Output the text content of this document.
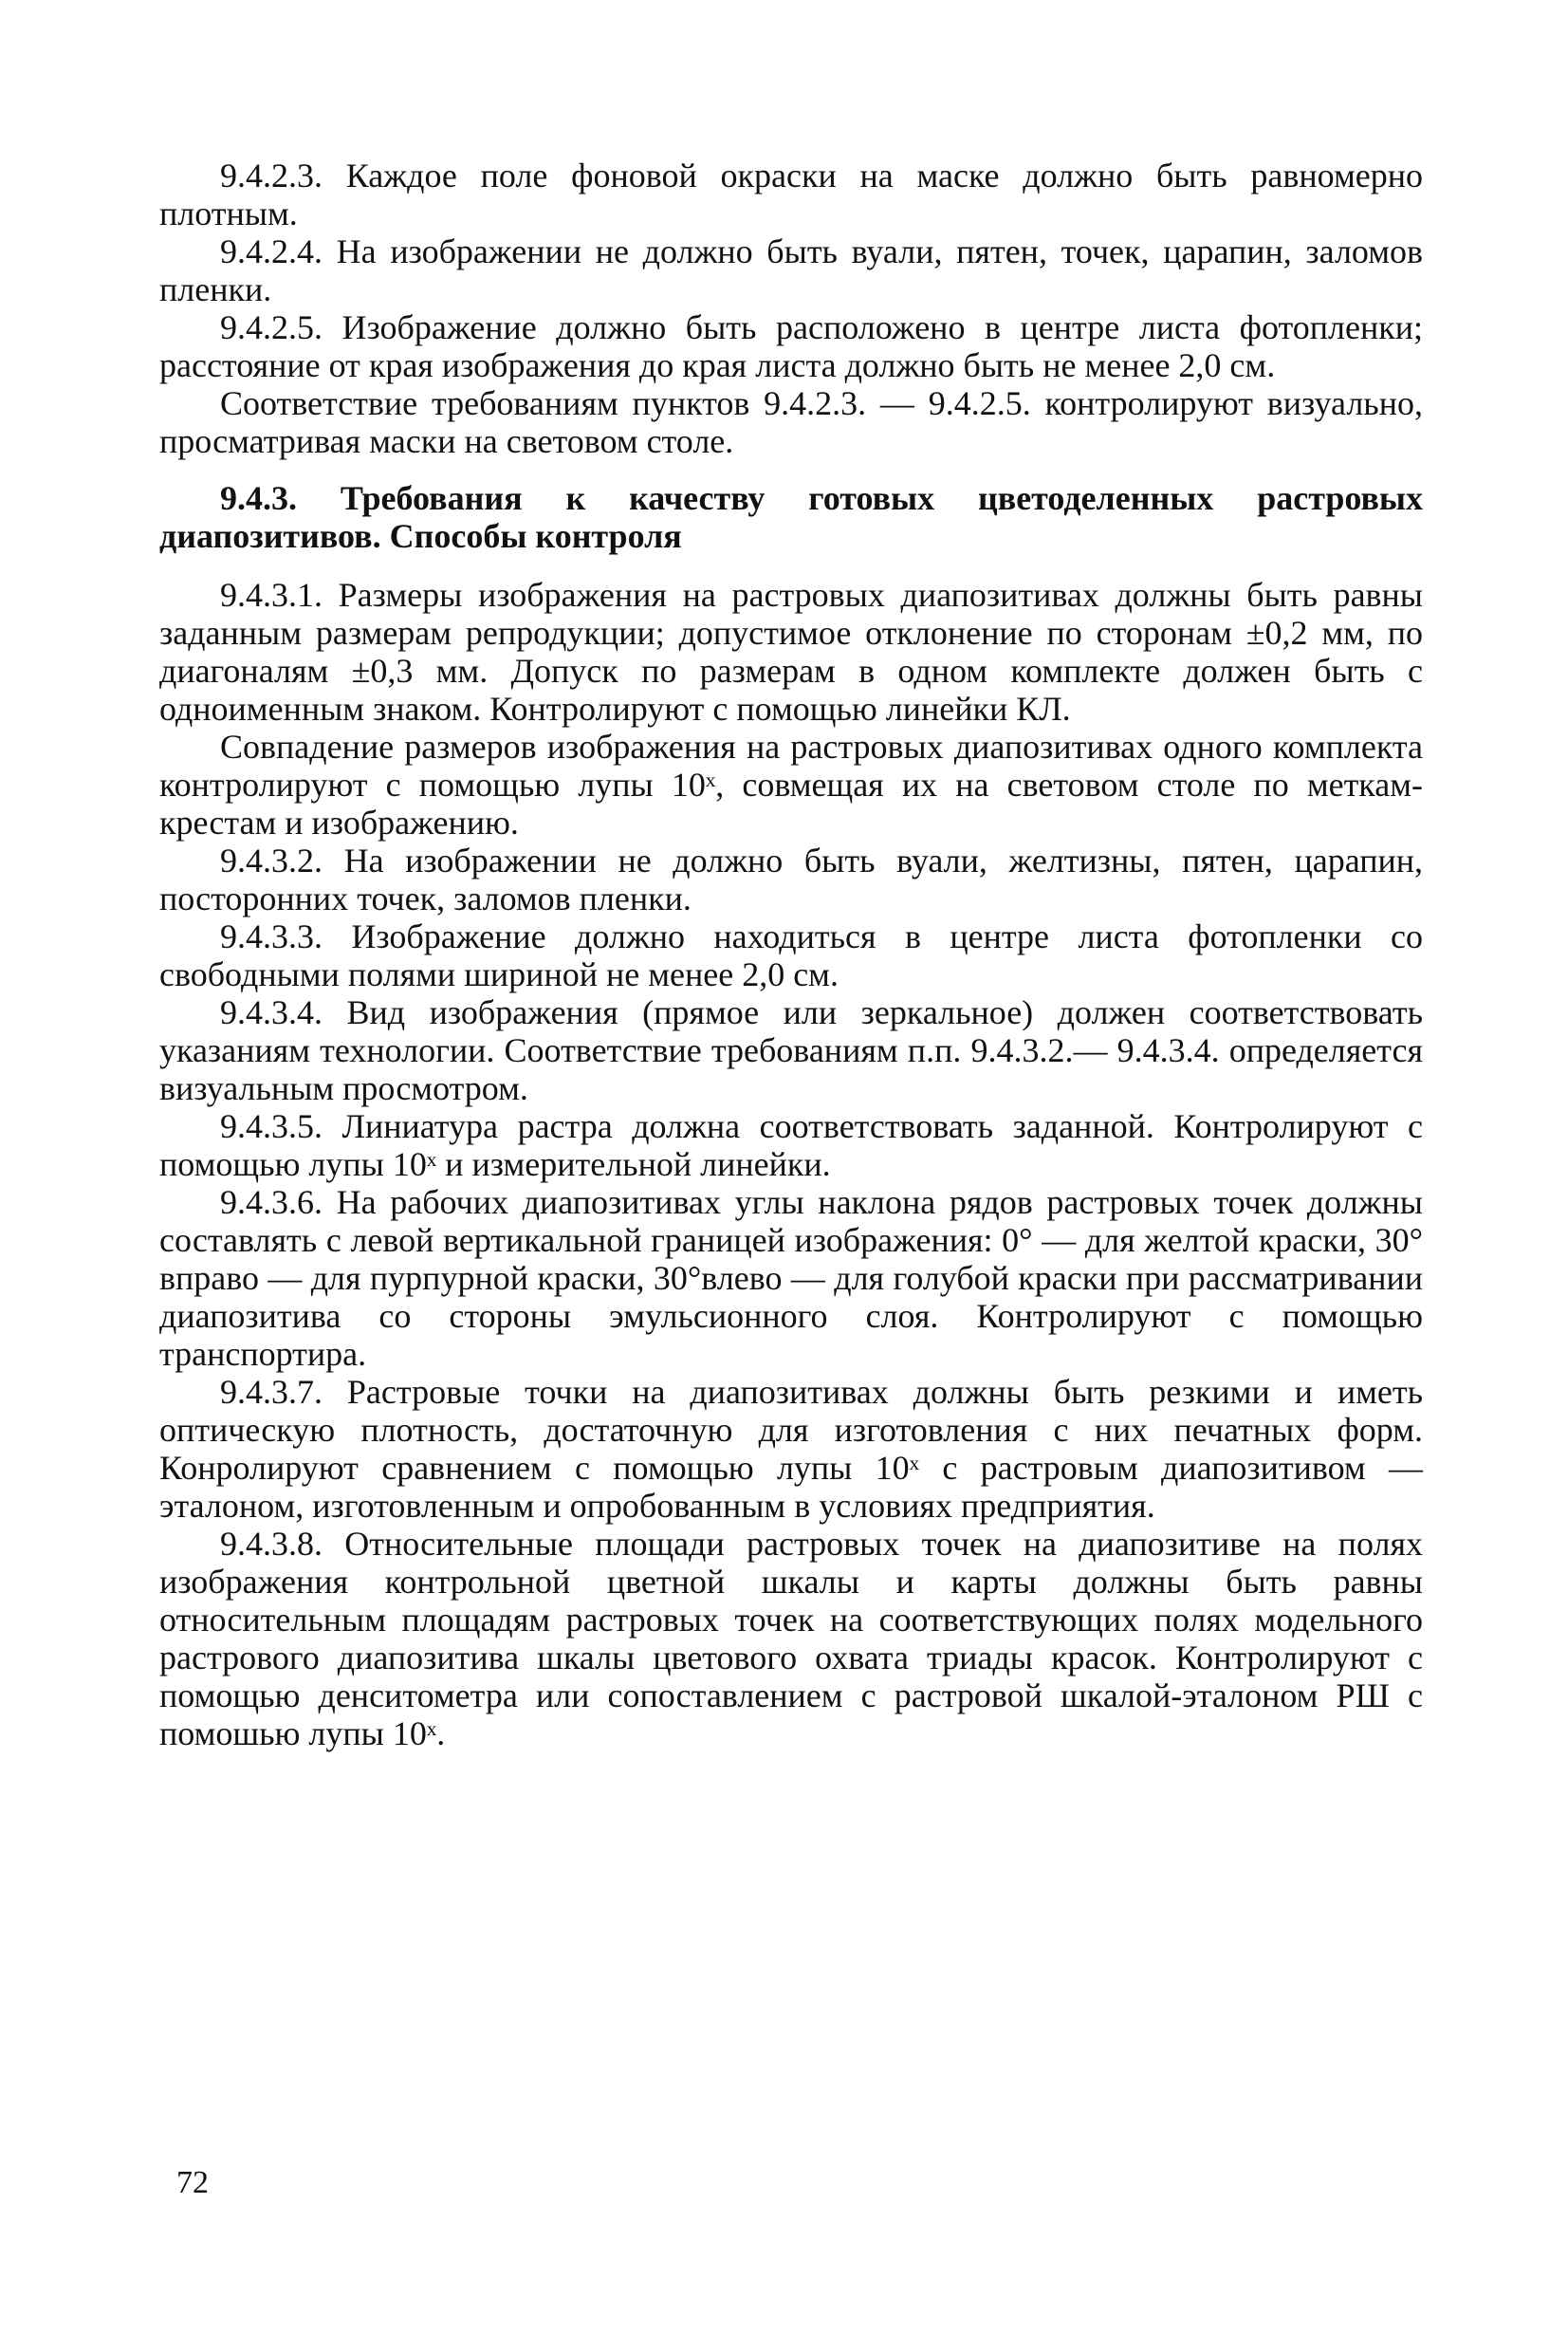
9.4.2.3. Каждое поле фоновой окраски на маске должно быть равномерно плотным.

9.4.2.4. На изображении не должно быть вуали, пятен, точек, царапин, заломов пленки.

9.4.2.5. Изображение должно быть расположено в центре листа фотопленки; расстояние от края изображения до края листа должно быть не менее 2,0 см.

Соответствие требованиям пунктов 9.4.2.3. — 9.4.2.5. контролируют визуально, просматривая маски на световом столе.

9.4.3. Требования к качеству готовых цветоделенных растровых диапозитивов. Способы контроля

9.4.3.1. Размеры изображения на растровых диапозитивах должны быть равны заданным размерам репродукции; допустимое отклонение по сторонам ±0,2 мм, по диагоналям ±0,3 мм. Допуск по размерам в одном комплекте должен быть с одноименным знаком. Контролируют с помощью линейки КЛ.

Совпадение размеров изображения на растровых диапозитивах одного комплекта контролируют с помощью лупы 10ˣ, совмещая их на световом столе по меткам-крестам и изображению.

9.4.3.2. На изображении не должно быть вуали, желтизны, пятен, царапин, посторонних точек, заломов пленки.

9.4.3.3. Изображение должно находиться в центре листа фотопленки со свободными полями шириной не менее 2,0 см.

9.4.3.4. Вид изображения (прямое или зеркальное) должен соответствовать указаниям технологии. Соответствие требованиям п.п. 9.4.3.2.— 9.4.3.4. определяется визуальным просмотром.

9.4.3.5. Линиатура растра должна соответствовать заданной. Контролируют с помощью лупы 10ˣ и измерительной линейки.

9.4.3.6. На рабочих диапозитивах углы наклона рядов растровых точек должны составлять с левой вертикальной границей изображения: 0° — для желтой краски, 30° вправо — для пурпурной краски, 30°влево — для голубой краски при рассматривании диапозитива со стороны эмульсионного слоя. Контролируют с помощью транспортира.

9.4.3.7. Растровые точки на диапозитивах должны быть резкими и иметь оптическую плотность, достаточную для изготовления с них печатных форм. Конролируют сравнением с помощью лупы 10ˣ с растровым диапозитивом — эталоном, изготовленным и опробованным в условиях предприятия.

9.4.3.8. Относительные площади растровых точек на диапозитиве на полях изображения контрольной цветной шкалы и карты должны быть равны относительным площадям растровых точек на соответствующих полях модельного растрового диапозитива шкалы цветового охвата триады красок. Контролируют с помощью денситометра или сопоставлением с растровой шкалой-эталоном РШ с помошью лупы 10ˣ.

72
